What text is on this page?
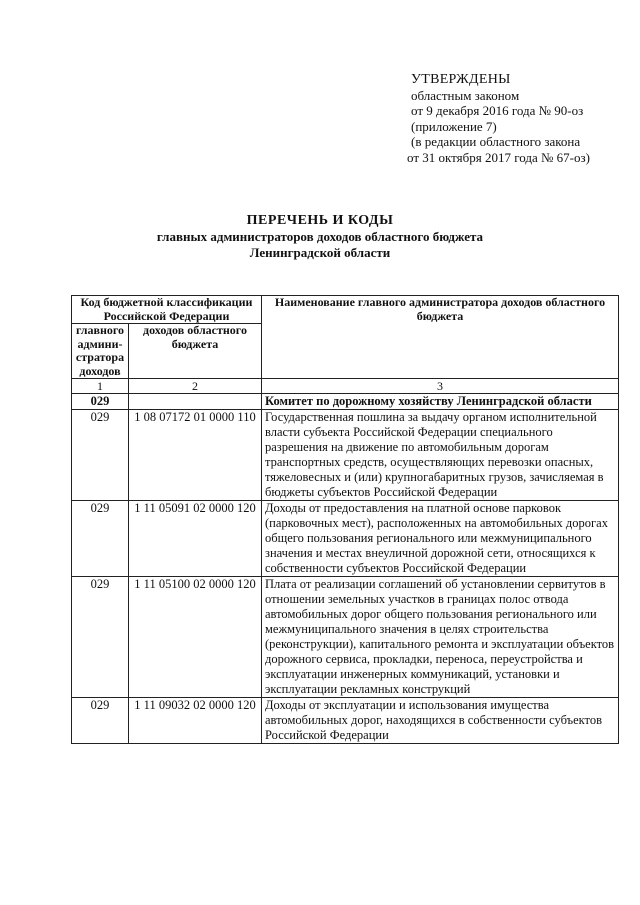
УТВЕРЖДЕНЫ
областным законом
от 9 декабря 2016 года № 90-оз
(приложение 7)
(в редакции областного закона
от 31 октября 2017 года № 67-оз)
ПЕРЕЧЕНЬ И КОДЫ
главных администраторов доходов областного бюджета
Ленинградской области
Код бюджетной классификации Российской Федерации		Наименование главного администратора доходов областного бюджета
главного админи-стратора доходов	доходов областного бюджета	
1	2	3
029		Комитет по дорожному хозяйству Ленинградской области
029	1 08 07172 01 0000 110	Государственная пошлина за выдачу органом исполнительной власти субъекта Российской Федерации специального разрешения на движение по автомобильным дорогам транспортных средств, осуществляющих перевозки опасных, тяжеловесных и (или) крупногабаритных грузов, зачисляемая в бюджеты субъектов Российской Федерации
029	1 11 05091 02 0000 120	Доходы от предоставления на платной основе парковок (парковочных мест), расположенных на автомобильных дорогах общего пользования регионального или межмуниципального значения и местах внеуличной дорожной сети, относящихся к собственности субъектов Российской Федерации
029	1 11 05100 02 0000 120	Плата от реализации соглашений об установлении сервитутов в отношении земельных участков в границах полос отвода автомобильных дорог общего пользования регионального или межмуниципального значения в целях строительства (реконструкции), капитального ремонта и эксплуатации объектов дорожного сервиса, прокладки, переноса, переустройства и эксплуатации инженерных коммуникаций, установки и эксплуатации рекламных конструкций
029	1 11 09032 02 0000 120	Доходы от эксплуатации и использования имущества автомобильных дорог, находящихся в собственности субъектов Российской Федерации
